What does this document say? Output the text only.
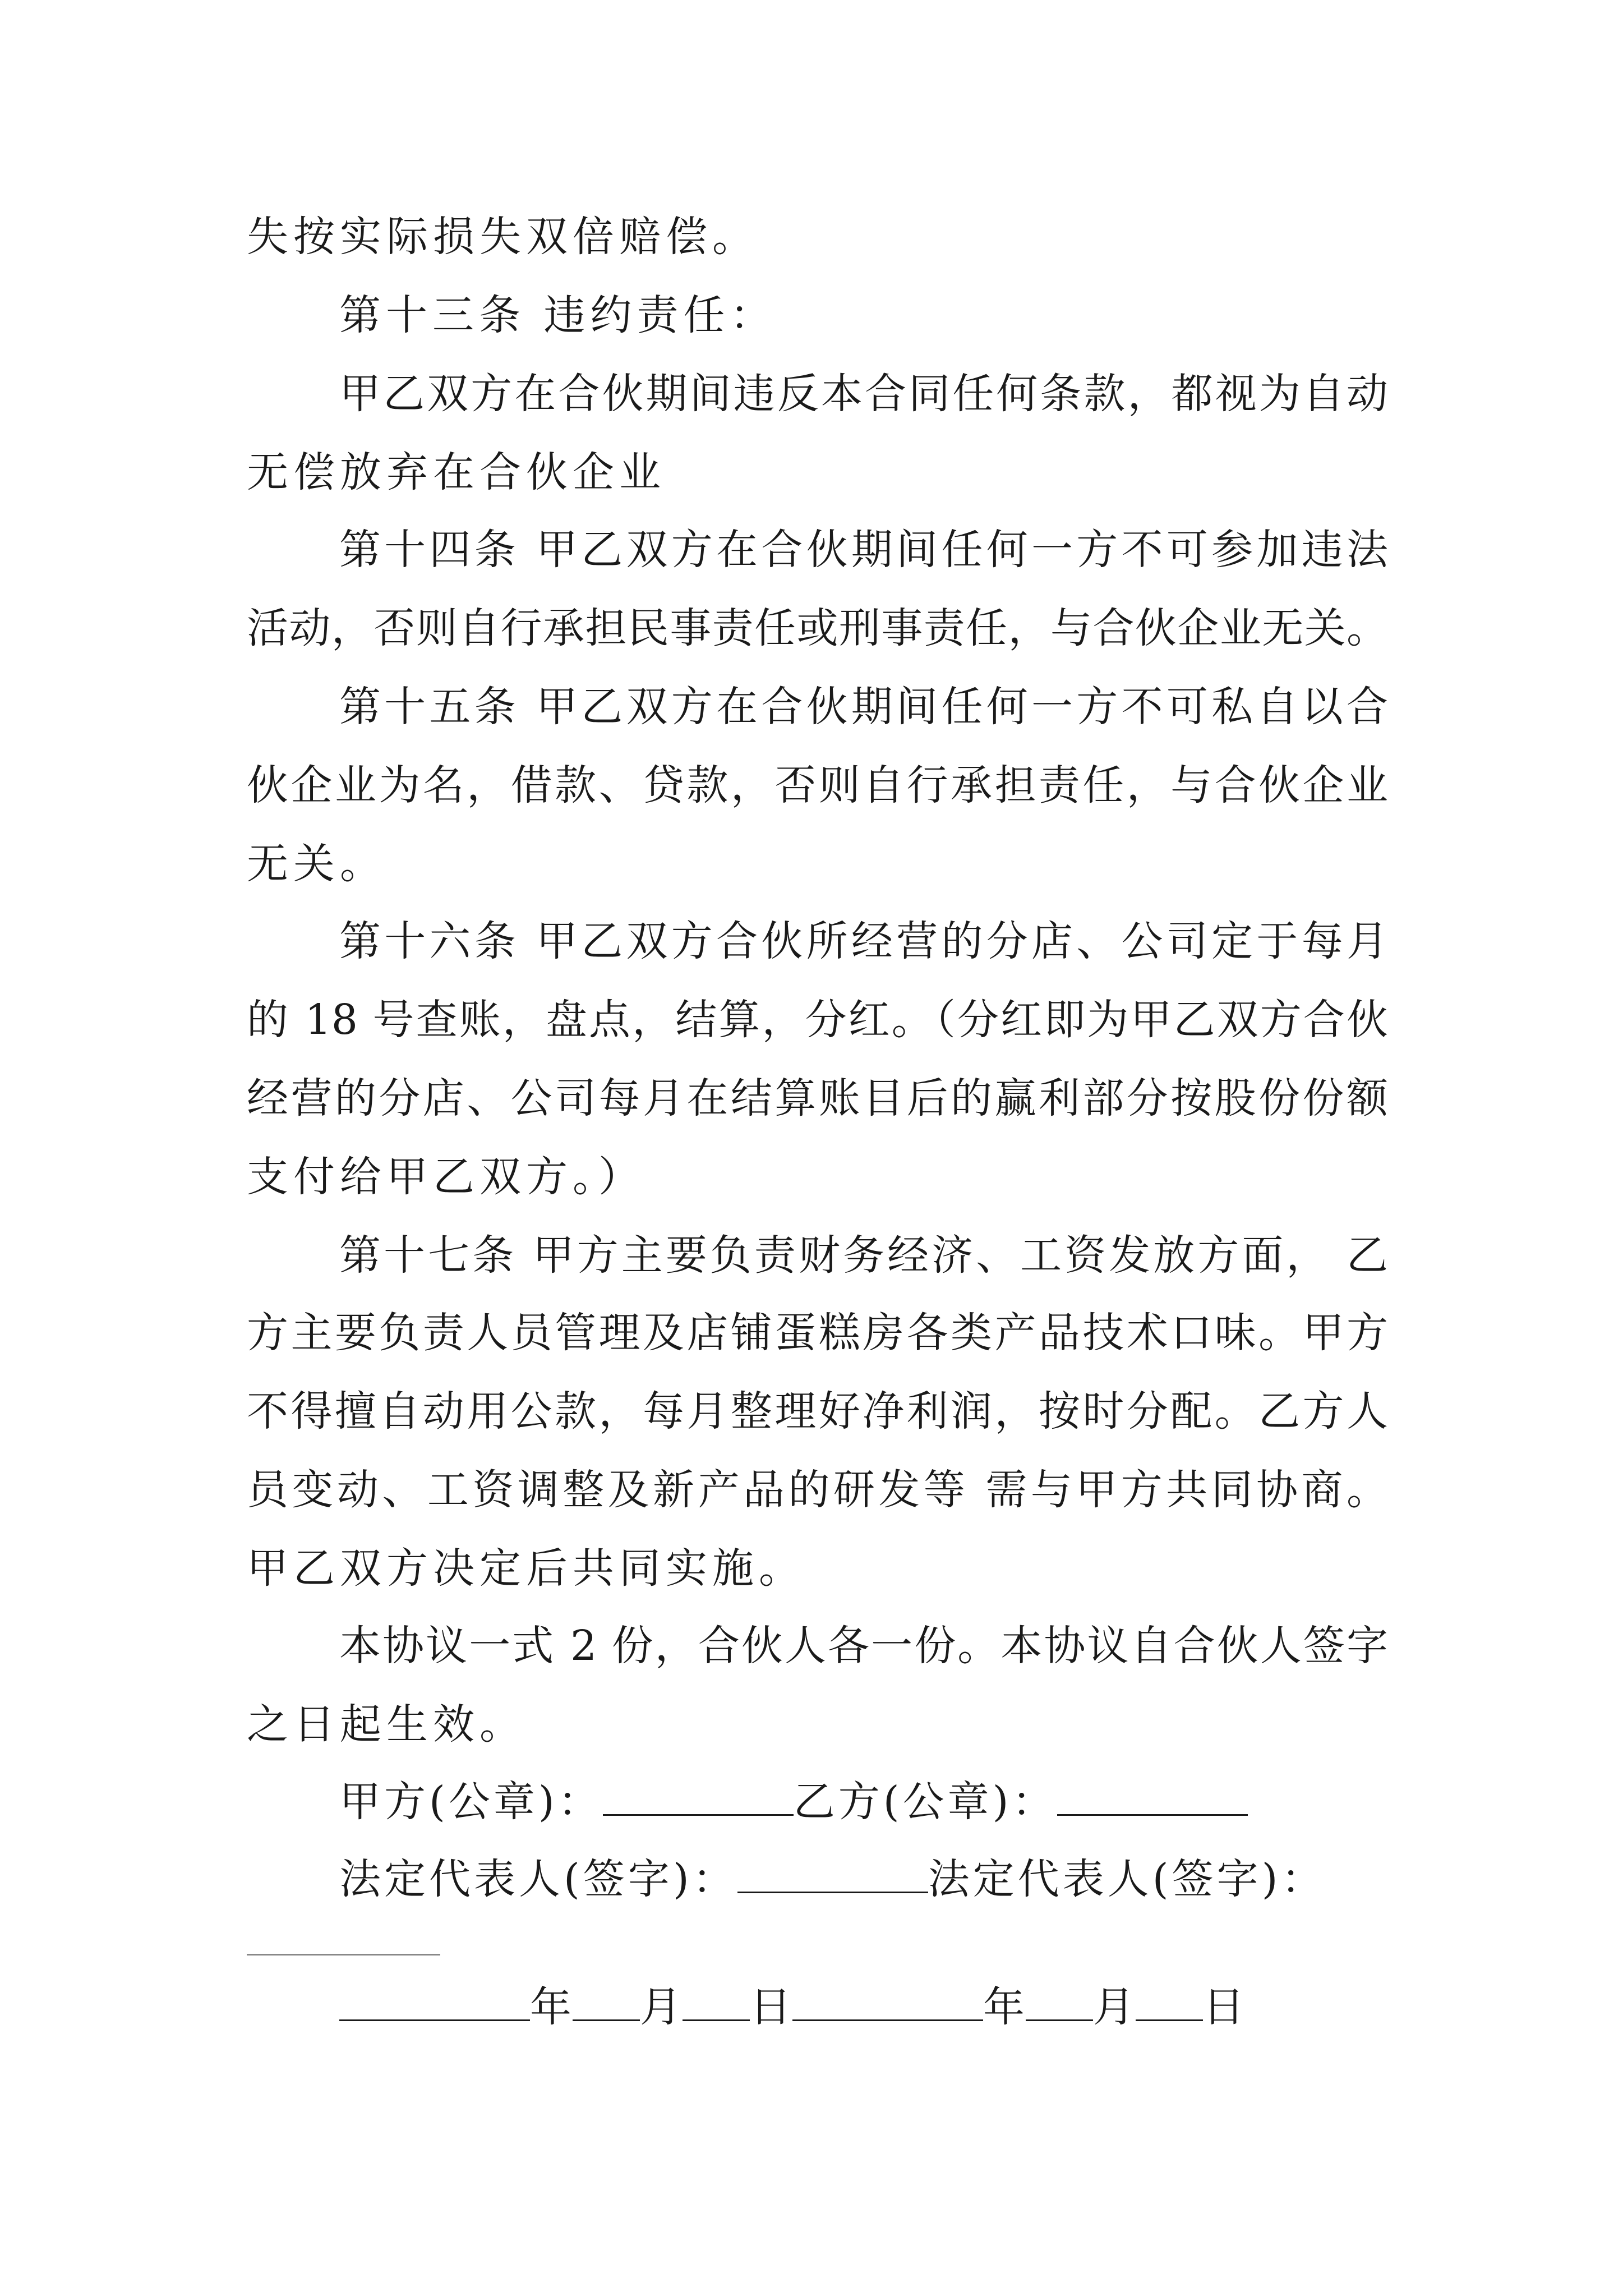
失按实际损失双倍赔偿。
第十三条 违约责任：
甲乙双方在合伙期间违反本合同任何条款，都视为自动
无偿放弃在合伙企业
第十四条 甲乙双方在合伙期间任何一方不可参加违法
活动，否则自行承担民事责任或刑事责任，与合伙企业无关。
第十五条 甲乙双方在合伙期间任何一方不可私自以合
伙企业为名，借款、贷款，否则自行承担责任，与合伙企业
无关。
第十六条 甲乙双方合伙所经营的分店、公司定于每月
的 18 号查账，盘点，结算，分红。（分红即为甲乙双方合伙
经营的分店、公司每月在结算账目后的赢利部分按股份份额
支付给甲乙双方。）
第十七条 甲方主要负责财务经济、工资发放方面， 乙
方主要负责人员管理及店铺蛋糕房各类产品技术口味。甲方
不得擅自动用公款，每月整理好净利润，按时分配。乙方人
员变动、工资调整及新产品的研发等 需与甲方共同协商。
甲乙双方决定后共同实施。
本协议一式 2 份，合伙人各一份。本协议自合伙人签字
之日起生效。
甲方(公章)：	乙方(公章)：
法定代表人(签字)：	法定代表人(签字)：
年 月 日	年 月 日
